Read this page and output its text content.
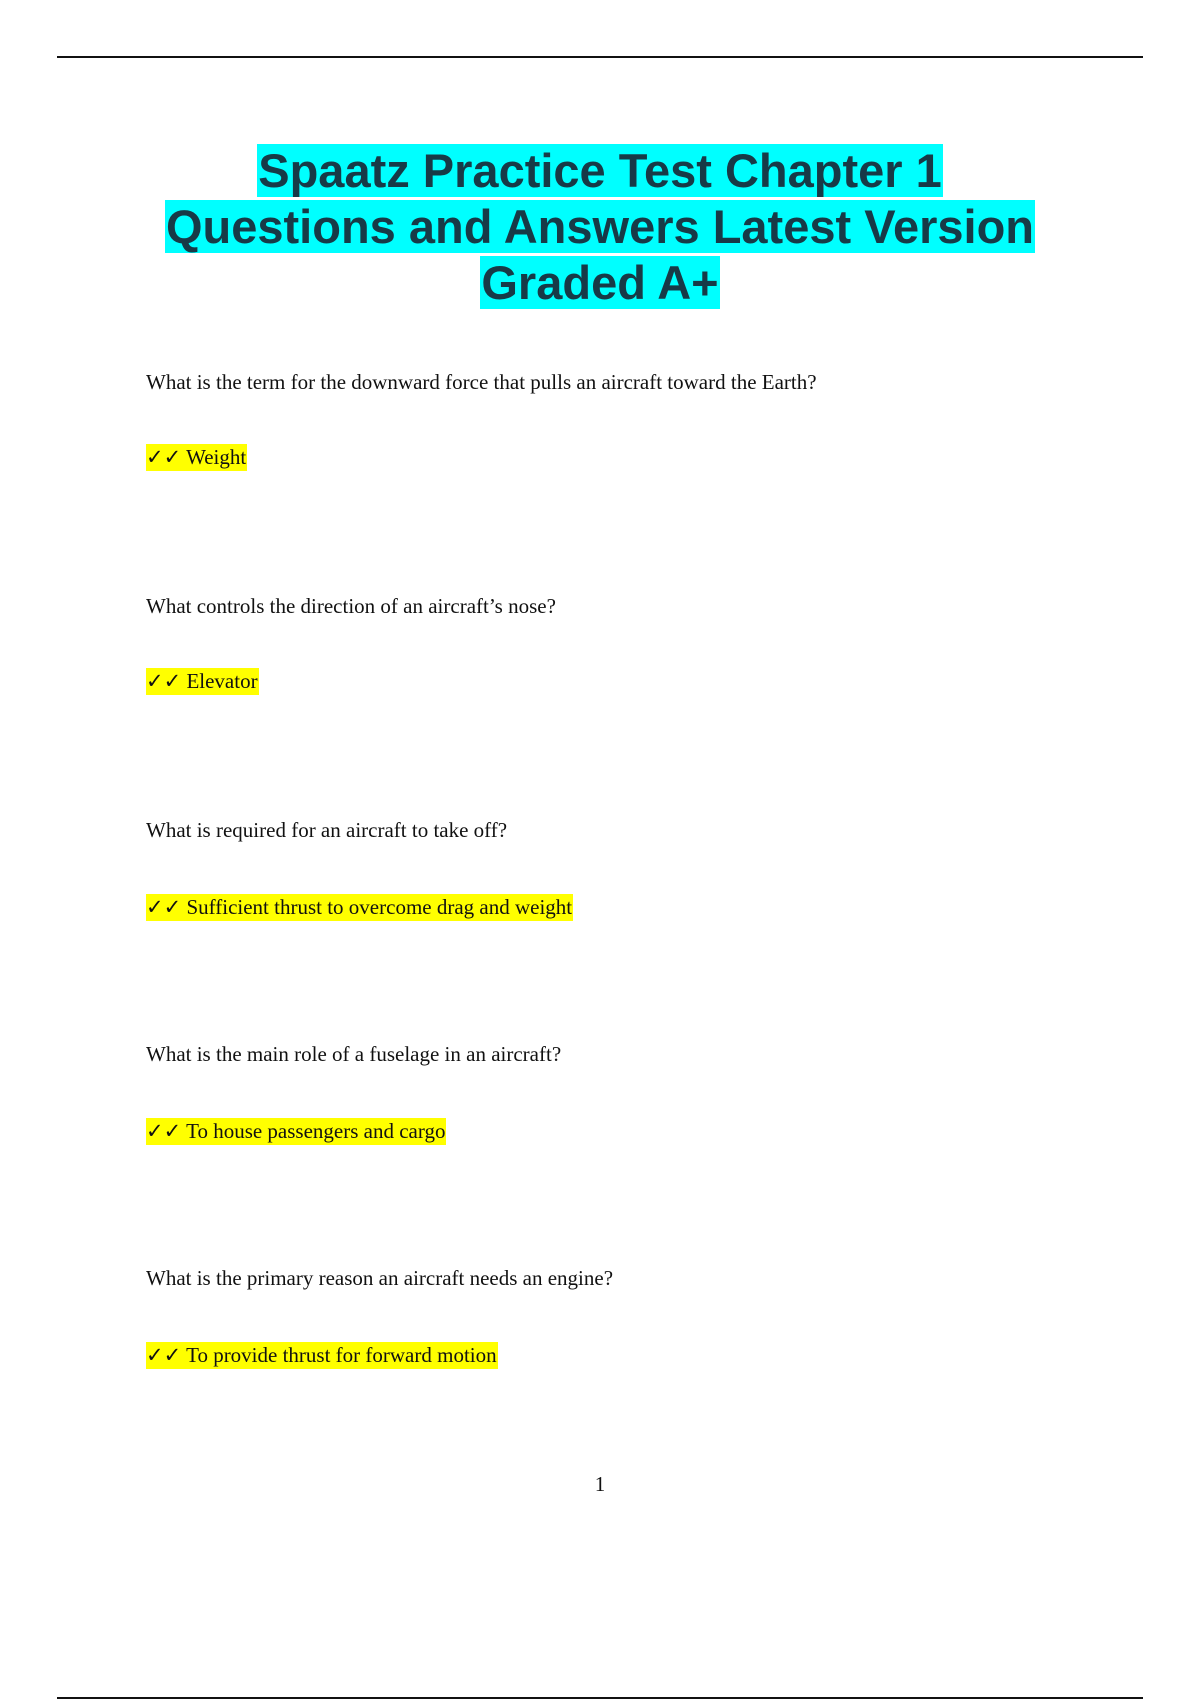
Spaatz Practice Test Chapter 1
Questions and Answers Latest Version
Graded A+

What is the term for the downward force that pulls an aircraft toward the Earth?

✓✓ Weight

What controls the direction of an aircraft’s nose?

✓✓ Elevator

What is required for an aircraft to take off?

✓✓ Sufficient thrust to overcome drag and weight

What is the main role of a fuselage in an aircraft?

✓✓ To house passengers and cargo

What is the primary reason an aircraft needs an engine?

✓✓ To provide thrust for forward motion

1
